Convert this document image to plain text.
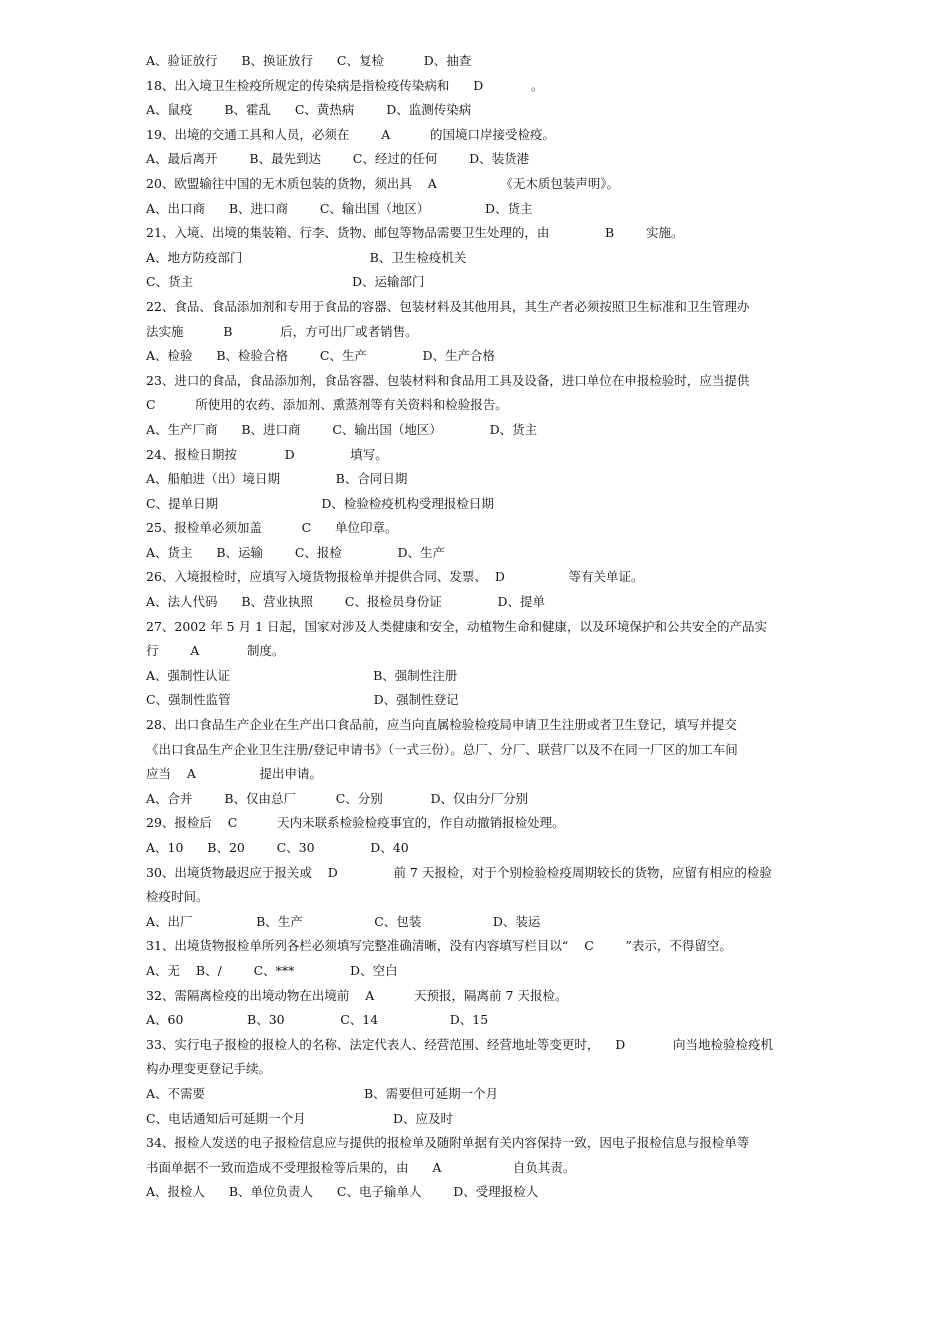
A、验证放行      B、换证放行      C、复检          D、抽查
18、出入境卫生检疫所规定的传染病是指检疫传染病和      D            。
A、鼠疫        B、霍乱      C、黄热病        D、监测传染病
19、出境的交通工具和人员，必须在        A          的国境口岸接受检疫。
A、最后离开        B、最先到达        C、经过的任何        D、装货港
20、欧盟输往中国的无木质包装的货物，须出具    A                《无木质包装声明》。
A、出口商      B、进口商        C、输出国（地区）              D、货主
21、入境、出境的集装箱、行李、货物、邮包等物品需要卫生处理的，由              B        实施。
A、地方防疫部门                                B、卫生检疫机关
C、货主                                        D、运输部门
22、食品、食品添加剂和专用于食品的容器、包装材料及其他用具，其生产者必须按照卫生标准和卫生管理办
法实施          B            后，方可出厂或者销售。
A、检验      B、检验合格        C、生产              D、生产合格
23、进口的食品，食品添加剂，食品容器、包装材料和食品用工具及设备，进口单位在申报检验时，应当提供
C          所使用的农药、添加剂、熏蒸剂等有关资料和检验报告。
A、生产厂商      B、进口商        C、输出国（地区）            D、货主
24、报检日期按            D              填写。
A、船舶进（出）境日期              B、合同日期
C、提单日期                          D、检验检疫机构受理报检日期
25、报检单必须加盖          C      单位印章。
A、货主      B、运输        C、报检              D、生产
26、入境报检时，应填写入境货物报检单并提供合同、发票、  D                等有关单证。
A、法人代码      B、营业执照        C、报检员身份证              D、提单
27、2002 年 5 月 1 日起，国家对涉及人类健康和安全，动植物生命和健康，以及环境保护和公共安全的产品实
行        A            制度。
A、强制性认证                                    B、强制性注册
C、强制性监管                                    D、强制性登记
28、出口食品生产企业在生产出口食品前，应当向直属检验检疫局申请卫生注册或者卫生登记，填写并提交
《出口食品生产企业卫生注册/登记申请书》（一式三份）。总厂、分厂、联营厂以及不在同一厂区的加工车间
应当    A                提出申请。
A、合并        B、仅由总厂          C、分别            D、仅由分厂分别
29、报检后    C          天内未联系检验检疫事宜的，作自动撤销报检处理。
A、10      B、20        C、30              D、40
30、出境货物最迟应于报关或    D              前 7 天报检，对于个别检验检疫周期较长的货物，应留有相应的检验
检疫时间。
A、出厂                B、生产                  C、包装                  D、装运
31、出境货物报检单所列各栏必须填写完整准确清晰，没有内容填写栏目以“    C        ”表示，不得留空。
A、无    B、/        C、***              D、空白
32、需隔离检疫的出境动物在出境前    A          天预报，隔离前 7 天报检。
A、60                B、30              C、14                  D、15
33、实行电子报检的报检人的名称、法定代表人、经营范围、经营地址等变更时，    D            向当地检验检疫机
构办理变更登记手续。
A、不需要                                        B、需要但可延期一个月
C、电话通知后可延期一个月                      D、应及时
34、报检人发送的电子报检信息应与提供的报检单及随附单据有关内容保持一致，因电子报检信息与报检单等
书面单据不一致而造成不受理报检等后果的，由      A                  自负其责。
A、报检人      B、单位负责人      C、电子输单人        D、受理报检人
